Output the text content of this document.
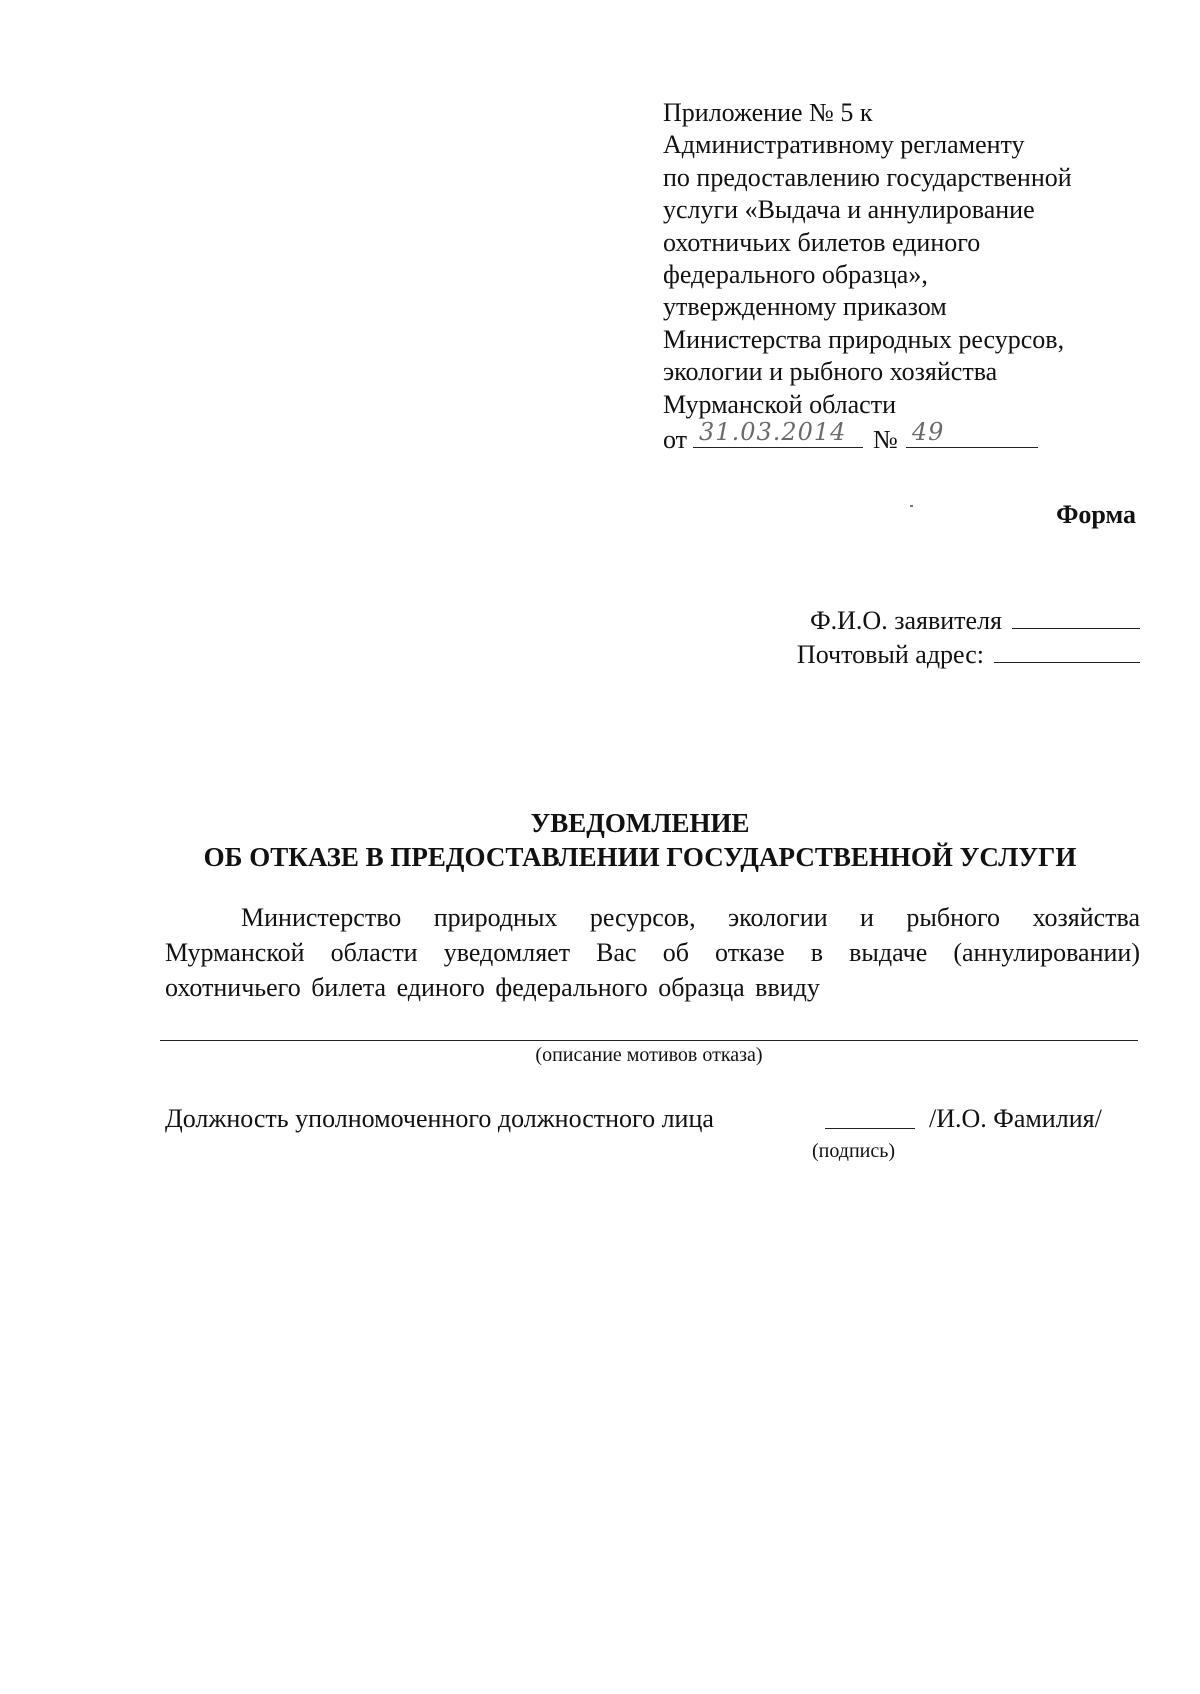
Приложение № 5 к
Административному регламенту
по предоставлению государственной
услуги «Выдача и аннулирование
охотничьих билетов единого
федерального образца»,
утвержденному приказом
Министерства природных ресурсов,
экологии и рыбного хозяйства
Мурманской области
от 31.03.2014 № 49
Форма
Ф.И.О. заявителя
Почтовый адрес:
УВЕДОМЛЕНИЕ
ОБ ОТКАЗЕ В ПРЕДОСТАВЛЕНИИ ГОСУДАРСТВЕННОЙ УСЛУГИ
Министерство природных ресурсов, экологии и рыбного хозяйства Мурманской области уведомляет Вас об отказе в выдаче (аннулировании) охотничьего билета единого федерального образца ввиду
(описание мотивов отказа)
Должность уполномоченного должностного лица	/И.О. Фамилия/
(подпись)
